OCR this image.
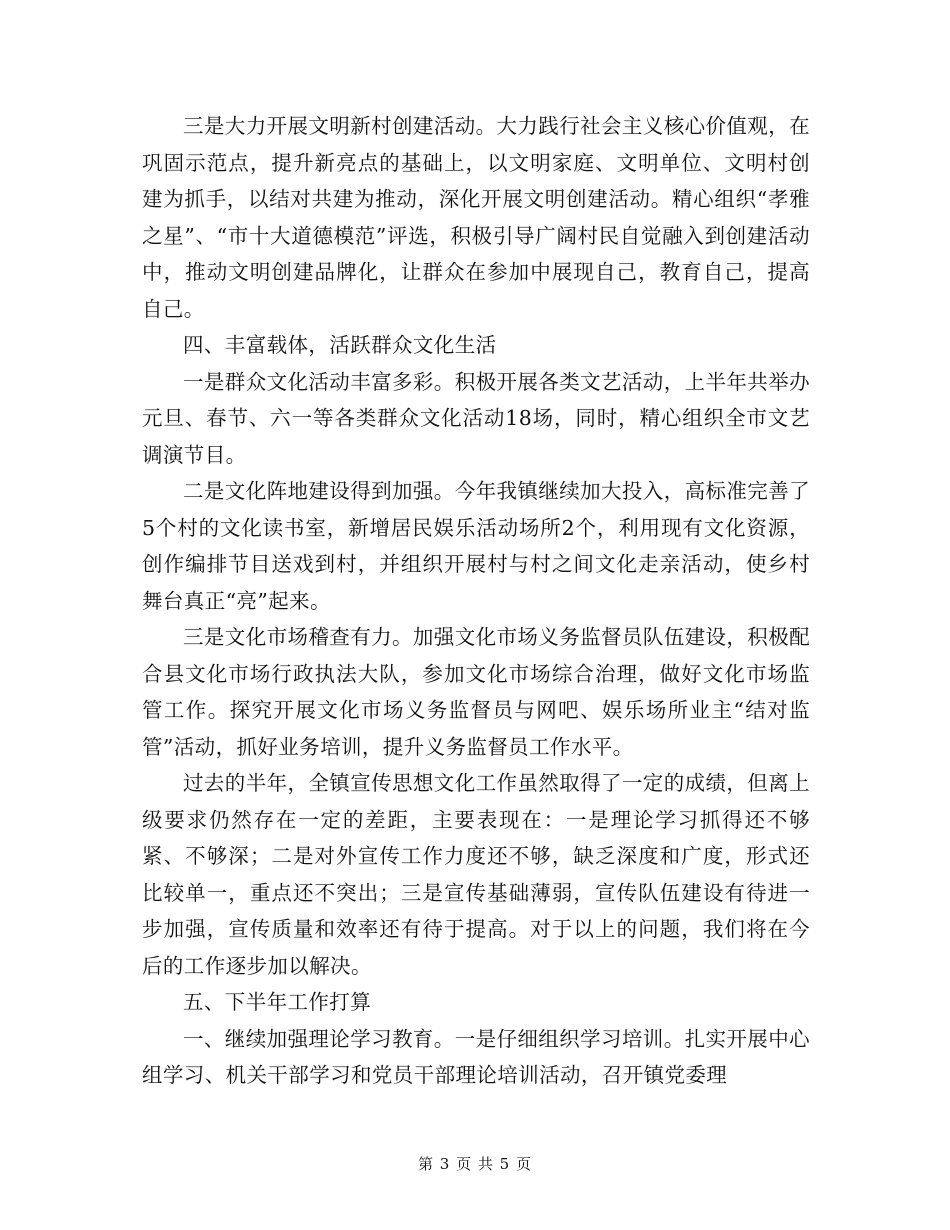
三是大力开展文明新村创建活动。大力践行社会主义核心价值观，在巩固示范点，提升新亮点的基础上，以文明家庭、文明单位、文明村创建为抓手，以结对共建为推动，深化开展文明创建活动。精心组织“孝雅之星”、“市十大道德模范”评选，积极引导广阔村民自觉融入到创建活动中，推动文明创建品牌化，让群众在参加中展现自己，教育自己，提高自己。

四、丰富载体，活跃群众文化生活

一是群众文化活动丰富多彩。积极开展各类文艺活动，上半年共举办元旦、春节、六一等各类群众文化活动18场，同时，精心组织全市文艺调演节目。

二是文化阵地建设得到加强。今年我镇继续加大投入，高标准完善了5个村的文化读书室，新增居民娱乐活动场所2个，利用现有文化资源，创作编排节目送戏到村，并组织开展村与村之间文化走亲活动，使乡村舞台真正“亮”起来。

三是文化市场稽查有力。加强文化市场义务监督员队伍建设，积极配合县文化市场行政执法大队，参加文化市场综合治理，做好文化市场监管工作。探究开展文化市场义务监督员与网吧、娱乐场所业主“结对监管”活动，抓好业务培训，提升义务监督员工作水平。

过去的半年，全镇宣传思想文化工作虽然取得了一定的成绩，但离上级要求仍然存在一定的差距，主要表现在：一是理论学习抓得还不够紧、不够深；二是对外宣传工作力度还不够，缺乏深度和广度，形式还比较单一，重点还不突出；三是宣传基础薄弱，宣传队伍建设有待进一步加强，宣传质量和效率还有待于提高。对于以上的问题，我们将在今后的工作逐步加以解决。

五、下半年工作打算

一、继续加强理论学习教育。一是仔细组织学习培训。扎实开展中心组学习、机关干部学习和党员干部理论培训活动，召开镇党委理

第 3 页 共 5 页
